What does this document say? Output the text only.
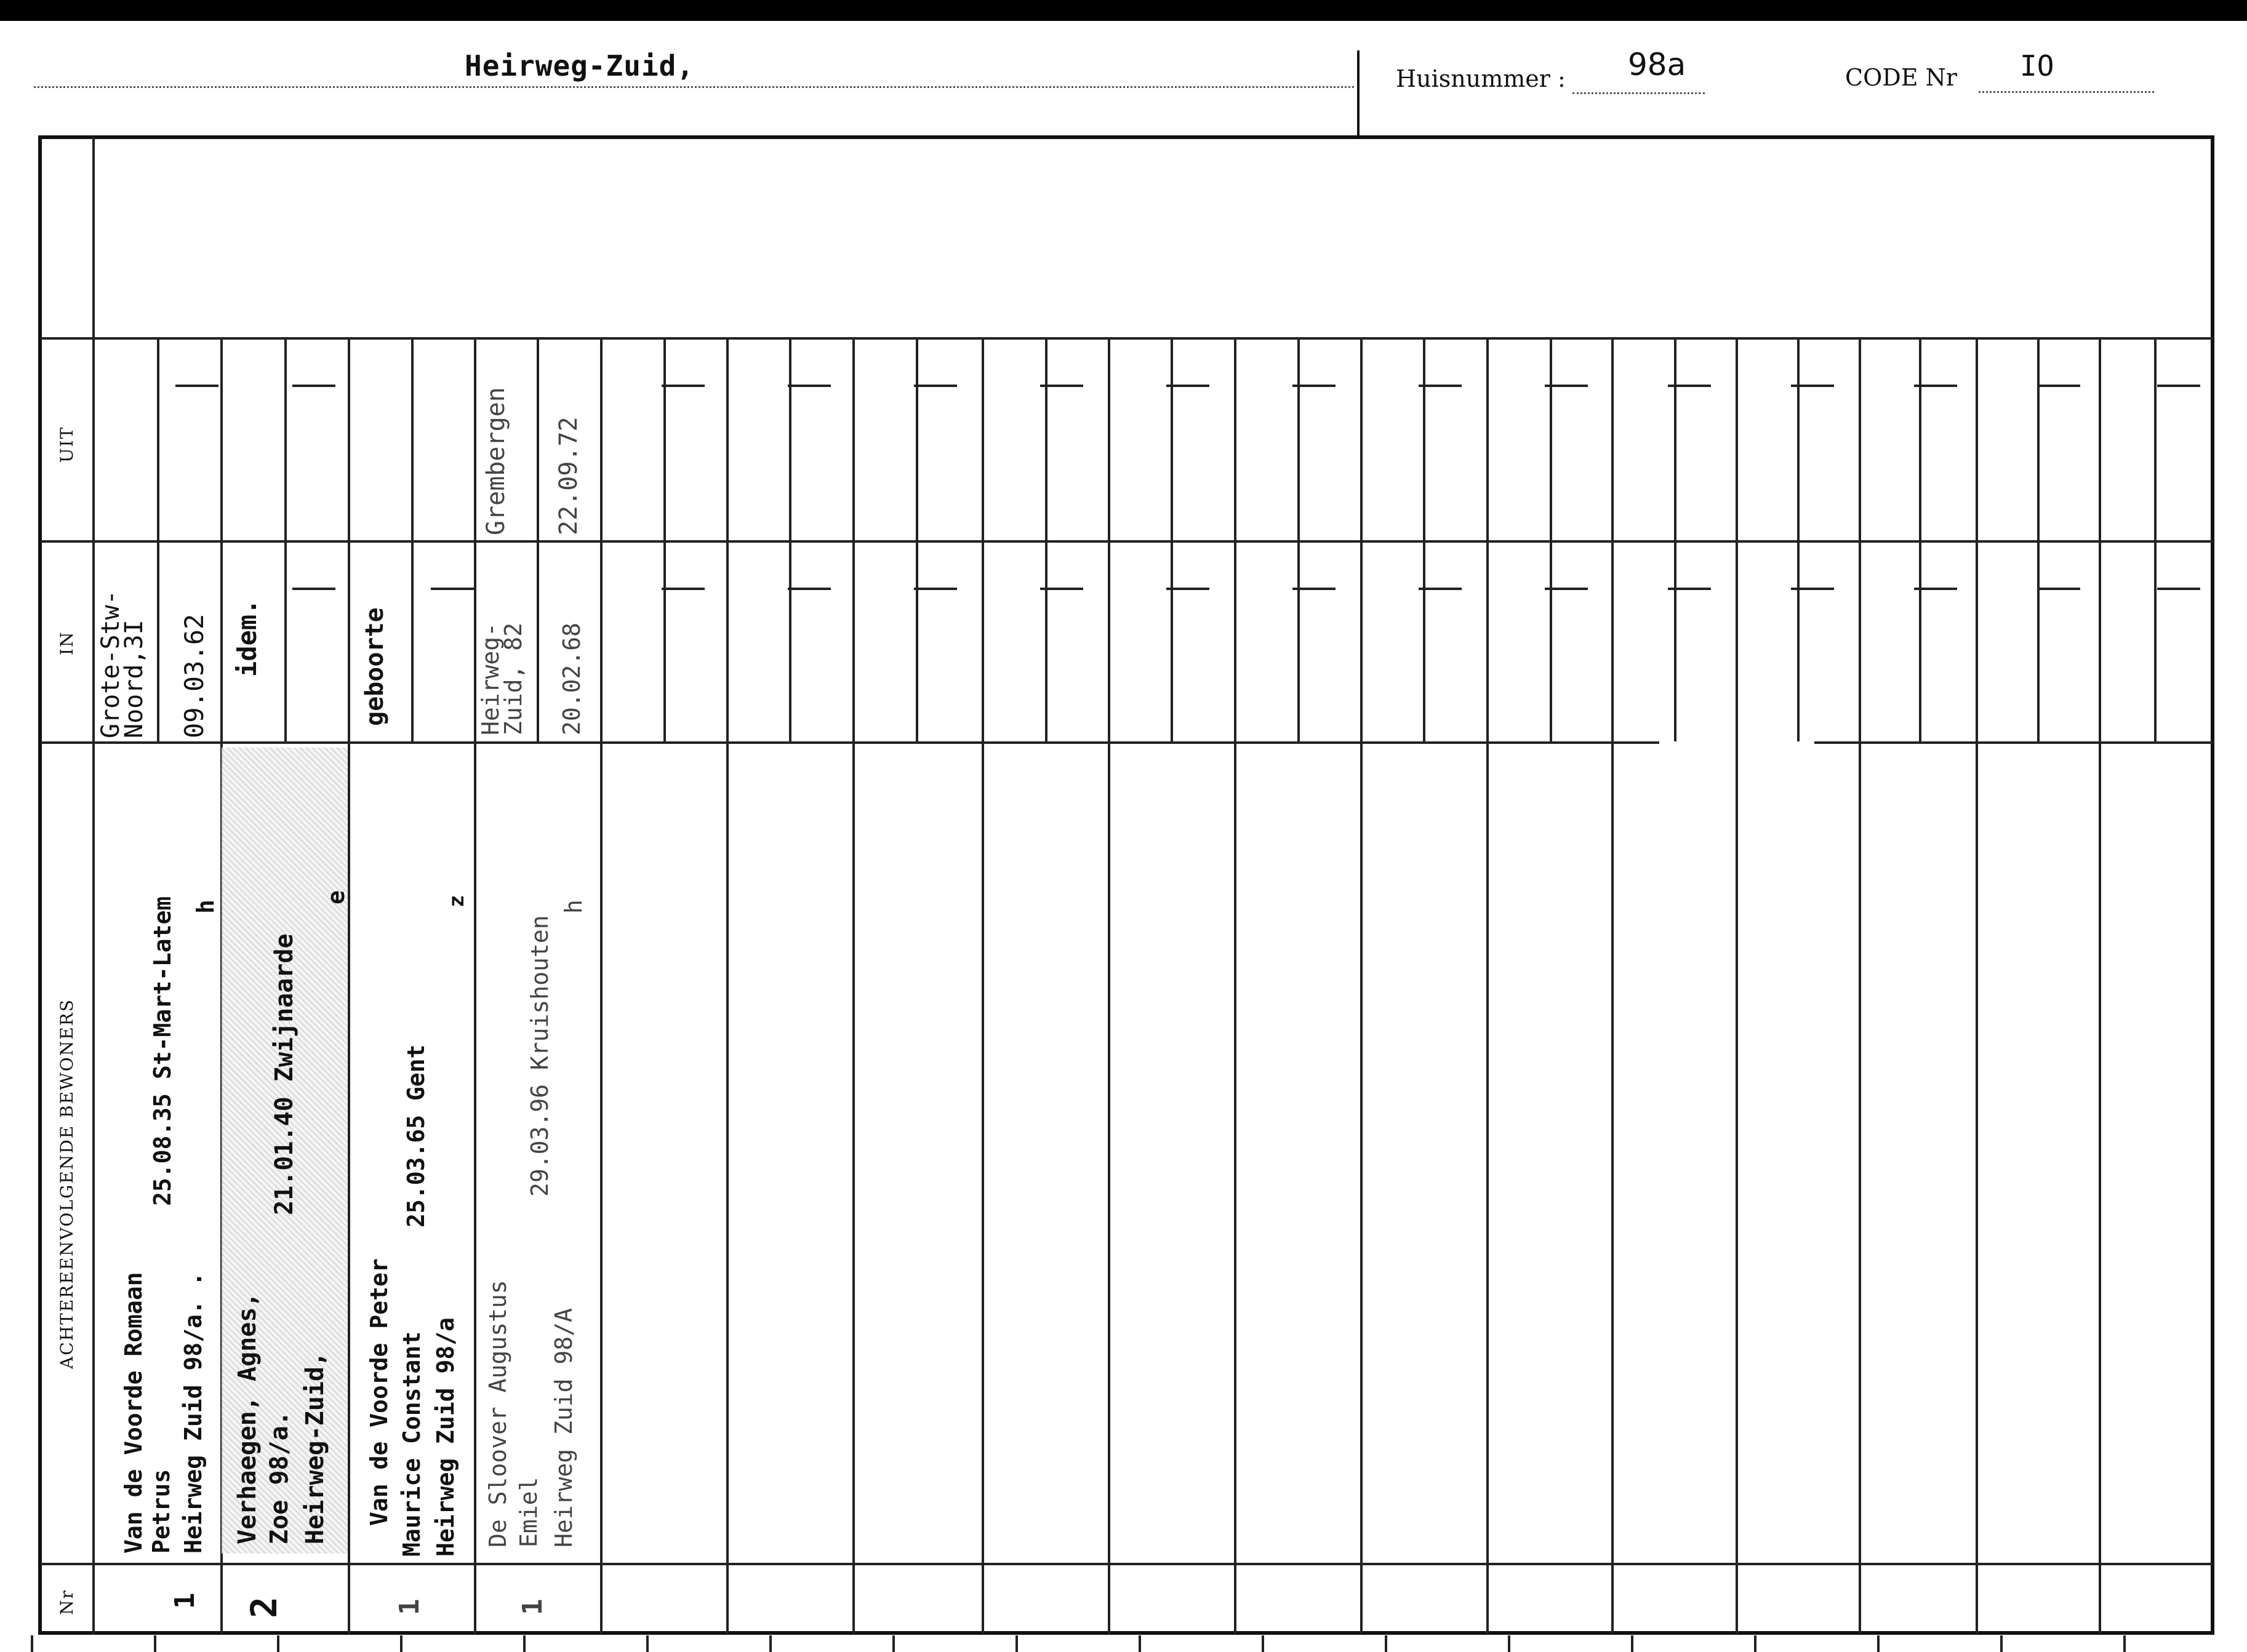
Heirweg-Zuid,	Huisnummer : 98a	CODE Nr IO
UIT
IN
ACHTEREENVOLGENDE BEWONERS
Nr
Van de Voorde Romaan Petrus Heirweg Zuid 98/a. .
25.08.35 St-Mart-Latem h
Grote-Stw-
Noord,3I 09.03.62
1
Verhaegen, Agnes, Zoe 98/a. Heirweg-Zuid,
21.01.40 Zwijnaarde
e
idem.
2
Van de Voorde Peter Maurice Constant Heirweg Zuid 98/a
25.03.65 Gent
z
geboorte
1
De Sloover Augustus Emiel Heirweg Zuid 98/A
29.03.96 Kruishouten
h
Heirweg-
Zuid, 82 20.02.68
Grembergen 22.09.72
1
